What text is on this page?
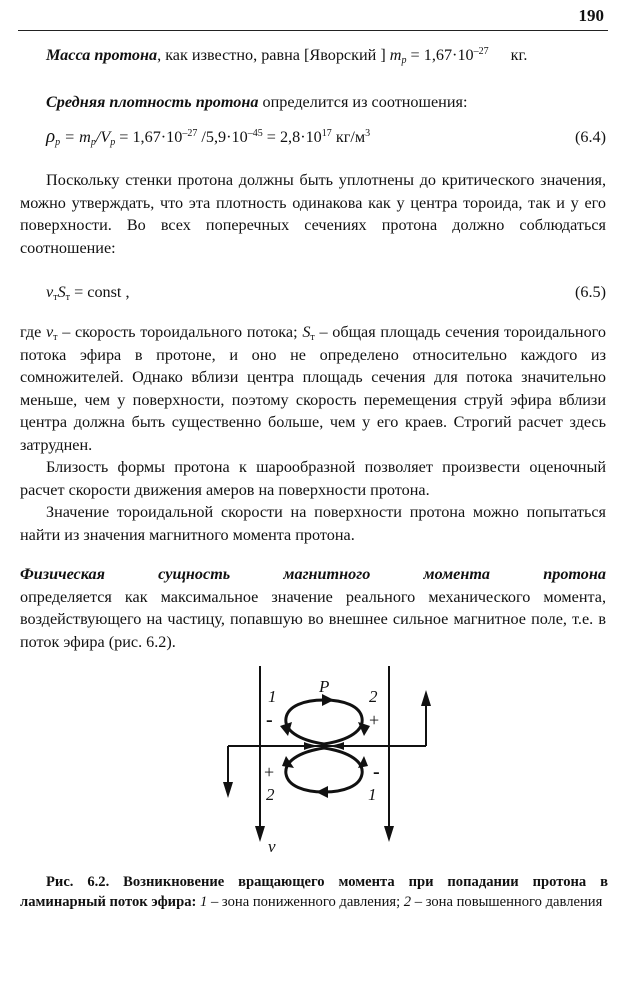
190
Масса протона, как известно, равна [Яворский ] $m_p = 1,67\cdot 10^{-27}$ кг.
Средняя плотность протона определится из соотношения:
$\rho_p = m_p/V_p = 1,67\cdot 10^{-27}$ $/5,9\cdot 10^{-45} = 2,8\cdot 10^{17}$ $кг/м^3$	(6.4)

Поскольку стенки протона должны быть уплотнены до критического значения, можно утверждать, что эта плотность одинакова как у центра тороида, так и у его поверхности. Во всех поперечных сечениях протона должно соблюдаться соотношение:

$v_тS_т$ = const ,	(6.5)

где $v_т$ – скорость тороидального потока; $S_т$ – общая площадь сечения тороидального потока эфира в протоне, и оно не определено относительно каждого из сомножителей. Однако вблизи центра площадь сечения для потока значительно меньше, чем у поверхности, поэтому скорость перемещения струй эфира вблизи центра должна быть существенно больше, чем у его краев. Строгий расчет здесь затруднен.

Близость формы протона к шарообразной позволяет произвести оценочный расчет скорости движения амеров на поверхности протона.

Значение тороидальной скорости на поверхности протона можно попытаться найти из значения магнитного момента протона.

Физическая сущность магнитного момента протона определяется как максимальное значение реального механического момента, воздействующего на частицу, попавшую во внешнее сильное магнитное поле, т.е. в поток эфира (рис. 6.2).

1
P
2
-	+
+	-
2	1
v

Рис. 6.2. Возникновение вращающего момента при попадании протона в ламинарный поток эфира: 1 – зона пониженного давления; 2 – зона повышенного давления
